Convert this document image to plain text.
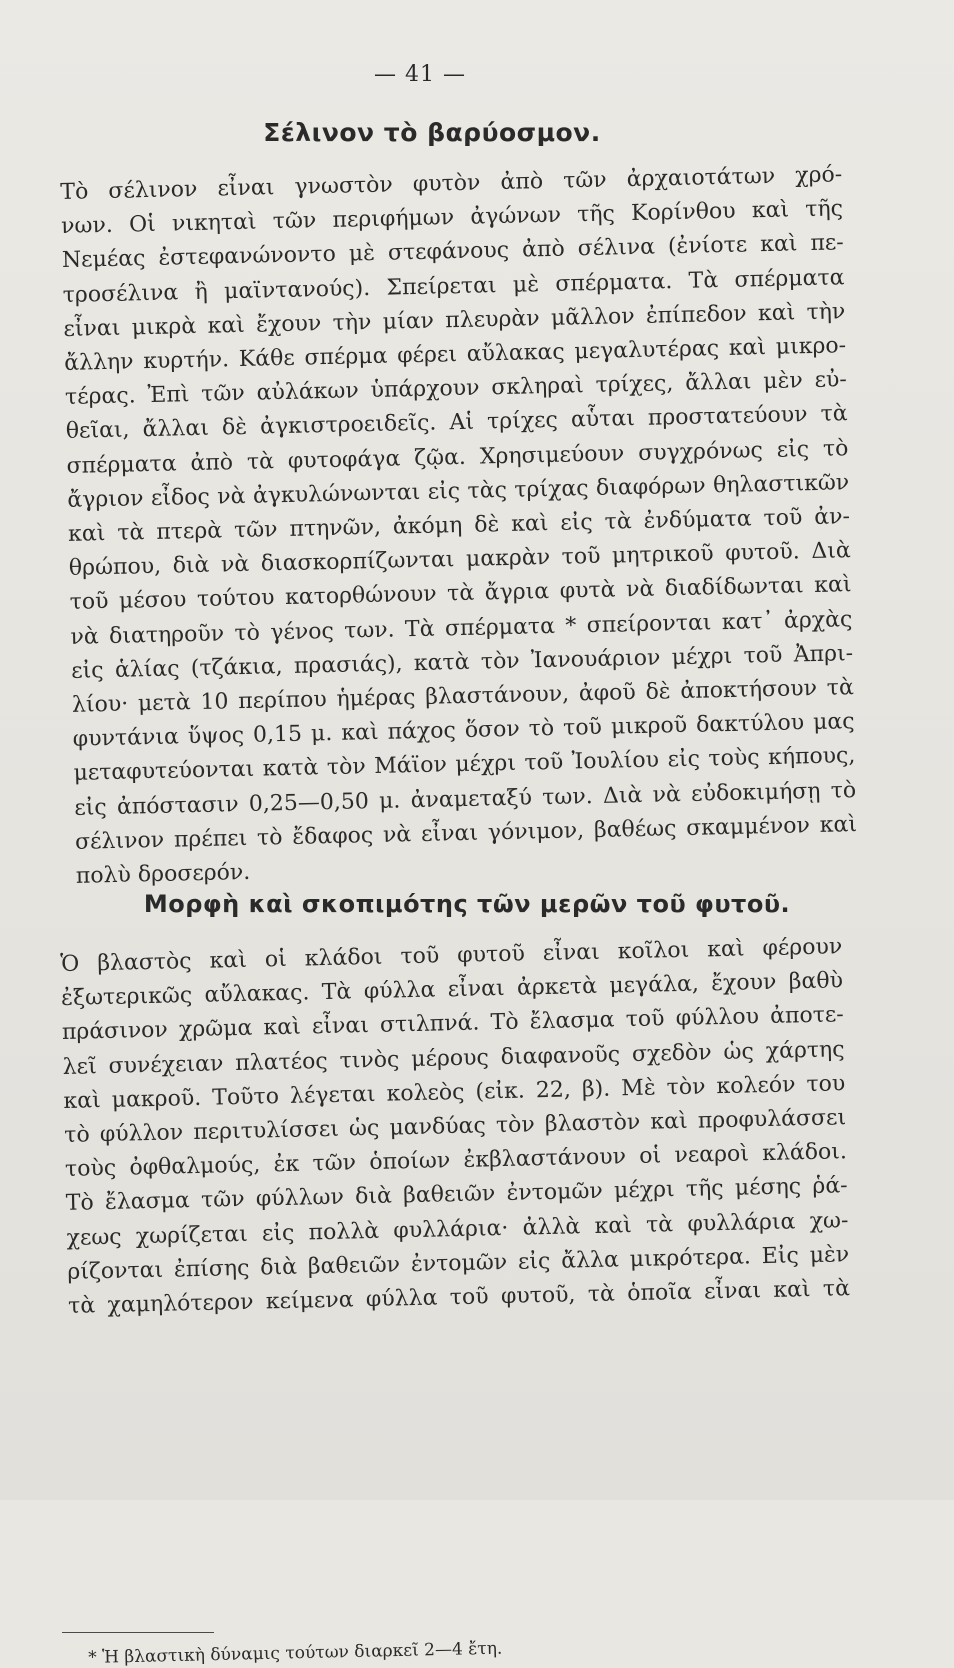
— 41 —
Σέλινον τὸ βαρύοσμον.
Τὸ σέλινον εἶναι γνωστὸν φυτὸν ἀπὸ τῶν ἀρχαιοτάτων χρό-
νων. Οἱ νικηταὶ τῶν περιφήμων ἀγώνων τῆς Κορίνθου καὶ τῆς
Νεμέας ἐστεφανώνοντο μὲ στεφάνους ἀπὸ σέλινα (ἐνίοτε καὶ πε-
τροσέλινα ἢ μαϊντανούς). Σπείρεται μὲ σπέρματα. Τὰ σπέρματα
εἶναι μικρὰ καὶ ἔχουν τὴν μίαν πλευρὰν μᾶλλον ἐπίπεδον καὶ τὴν
ἄλλην κυρτήν. Κάθε σπέρμα φέρει αὔλακας μεγαλυτέρας καὶ μικρο-
τέρας. Ἐπὶ τῶν αὐλάκων ὑπάρχουν σκληραὶ τρίχες, ἄλλαι μὲν εὐ-
θεῖαι, ἄλλαι δὲ ἀγκιστροειδεῖς. Αἱ τρίχες αὗται προστατεύουν τὰ
σπέρματα ἀπὸ τὰ φυτοφάγα ζῷα. Χρησιμεύουν συγχρόνως εἰς τὸ
ἄγριον εἶδος νὰ ἀγκυλώνωνται εἰς τὰς τρίχας διαφόρων θηλαστικῶν
καὶ τὰ πτερὰ τῶν πτηνῶν, ἀκόμη δὲ καὶ εἰς τὰ ἐνδύματα τοῦ ἀν-
θρώπου, διὰ νὰ διασκορπίζωνται μακρὰν τοῦ μητρικοῦ φυτοῦ. Διὰ
τοῦ μέσου τούτου κατορθώνουν τὰ ἄγρια φυτὰ νὰ διαδίδωνται καὶ
νὰ διατηροῦν τὸ γένος των. Τὰ σπέρματα * σπείρονται κατ᾽ ἀρχὰς
εἰς ἁλίας (τζάκια, πρασιάς), κατὰ τὸν Ἰανουάριον μέχρι τοῦ Ἀπρι-
λίου· μετὰ 10 περίπου ἡμέρας βλαστάνουν, ἀφοῦ δὲ ἀποκτήσουν τὰ
φυντάνια ὕψος 0,15 μ. καὶ πάχος ὅσον τὸ τοῦ μικροῦ δακτύλου μας
μεταφυτεύονται κατὰ τὸν Μάϊον μέχρι τοῦ Ἰουλίου εἰς τοὺς κήπους,
εἰς ἀπόστασιν 0,25—0,50 μ. ἀναμεταξύ των. Διὰ νὰ εὐδοκιμήσῃ τὸ
σέλινον πρέπει τὸ ἔδαφος νὰ εἶναι γόνιμον, βαθέως σκαμμένον καὶ
πολὺ δροσερόν.
Μορφὴ καὶ σκοπιμότης τῶν μερῶν τοῦ φυτοῦ.
Ὁ βλαστὸς καὶ οἱ κλάδοι τοῦ φυτοῦ εἶναι κοῖλοι καὶ φέρουν
ἐξωτερικῶς αὔλακας. Τὰ φύλλα εἶναι ἀρκετὰ μεγάλα, ἔχουν βαθὺ
πράσινον χρῶμα καὶ εἶναι στιλπνά. Τὸ ἔλασμα τοῦ φύλλου ἀποτε-
λεῖ συνέχειαν πλατέος τινὸς μέρους διαφανοῦς σχεδὸν ὡς χάρτης
καὶ μακροῦ. Τοῦτο λέγεται κολεὸς (εἰκ. 22, β). Μὲ τὸν κολεόν του
τὸ φύλλον περιτυλίσσει ὡς μανδύας τὸν βλαστὸν καὶ προφυλάσσει
τοὺς ὀφθαλμούς, ἐκ τῶν ὁποίων ἐκβλαστάνουν οἱ νεαροὶ κλάδοι.
Τὸ ἔλασμα τῶν φύλλων διὰ βαθειῶν ἐντομῶν μέχρι τῆς μέσης ῥά-
χεως χωρίζεται εἰς πολλὰ φυλλάρια· ἀλλὰ καὶ τὰ φυλλάρια χω-
ρίζονται ἐπίσης διὰ βαθειῶν ἐντομῶν εἰς ἄλλα μικρότερα. Εἰς μὲν
τὰ χαμηλότερον κείμενα φύλλα τοῦ φυτοῦ, τὰ ὁποῖα εἶναι καὶ τὰ
* Ἡ βλαστικὴ δύναμις τούτων διαρκεῖ 2—4 ἔτη.
